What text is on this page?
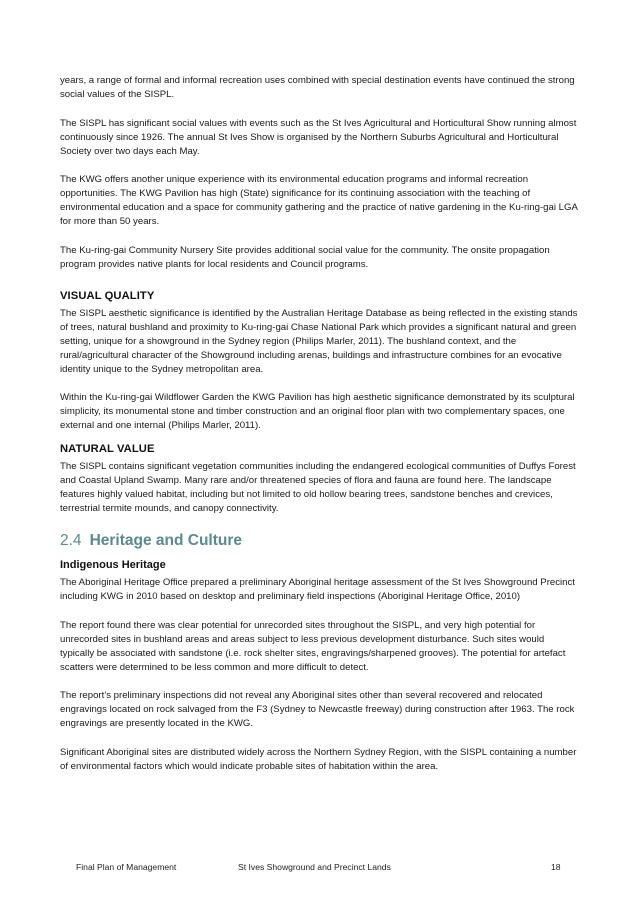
years, a range of formal and informal recreation uses combined with special destination events have continued the strong social values of the SISPL.

The SISPL has significant social values with events such as the St Ives Agricultural and Horticultural Show running almost continuously since 1926. The annual St Ives Show is organised by the Northern Suburbs Agricultural and Horticultural Society over two days each May.

The KWG offers another unique experience with its environmental education programs and informal recreation opportunities. The KWG Pavilion has high (State) significance for its continuing association with the teaching of environmental education and a space for community gathering and the practice of native gardening in the Ku-ring-gai LGA for more than 50 years.

The Ku-ring-gai Community Nursery Site provides additional social value for the community. The onsite propagation program provides native plants for local residents and Council programs.

VISUAL QUALITY

The SISPL aesthetic significance is identified by the Australian Heritage Database as being reflected in the existing stands of trees, natural bushland and proximity to Ku-ring-gai Chase National Park which provides a significant natural and green setting, unique for a showground in the Sydney region (Philips Marler, 2011). The bushland context, and the rural/agricultural character of the Showground including arenas, buildings and infrastructure combines for an evocative identity unique to the Sydney metropolitan area.

Within the Ku-ring-gai Wildflower Garden the KWG Pavilion has high aesthetic significance demonstrated by its sculptural simplicity, its monumental stone and timber construction and an original floor plan with two complementary spaces, one external and one internal (Philips Marler, 2011).

NATURAL VALUE

The SISPL contains significant vegetation communities including the endangered ecological communities of Duffys Forest and Coastal Upland Swamp. Many rare and/or threatened species of flora and fauna are found here. The landscape features highly valued habitat, including but not limited to old hollow bearing trees, sandstone benches and crevices, terrestrial termite mounds, and canopy connectivity.

2.4 Heritage and Culture
Indigenous Heritage

The Aboriginal Heritage Office prepared a preliminary Aboriginal heritage assessment of the St Ives Showground Precinct including KWG in 2010 based on desktop and preliminary field inspections (Aboriginal Heritage Office, 2010)

The report found there was clear potential for unrecorded sites throughout the SISPL, and very high potential for unrecorded sites in bushland areas and areas subject to less previous development disturbance. Such sites would typically be associated with sandstone (i.e. rock shelter sites, engravings/sharpened grooves). The potential for artefact scatters were determined to be less common and more difficult to detect.

The report’s preliminary inspections did not reveal any Aboriginal sites other than several recovered and relocated engravings located on rock salvaged from the F3 (Sydney to Newcastle freeway) during construction after 1963. The rock engravings are presently located in the KWG.

Significant Aboriginal sites are distributed widely across the Northern Sydney Region, with the SISPL containing a number of environmental factors which would indicate probable sites of habitation within the area.

Final Plan of Management	St Ives Showground and Precinct Lands	18
